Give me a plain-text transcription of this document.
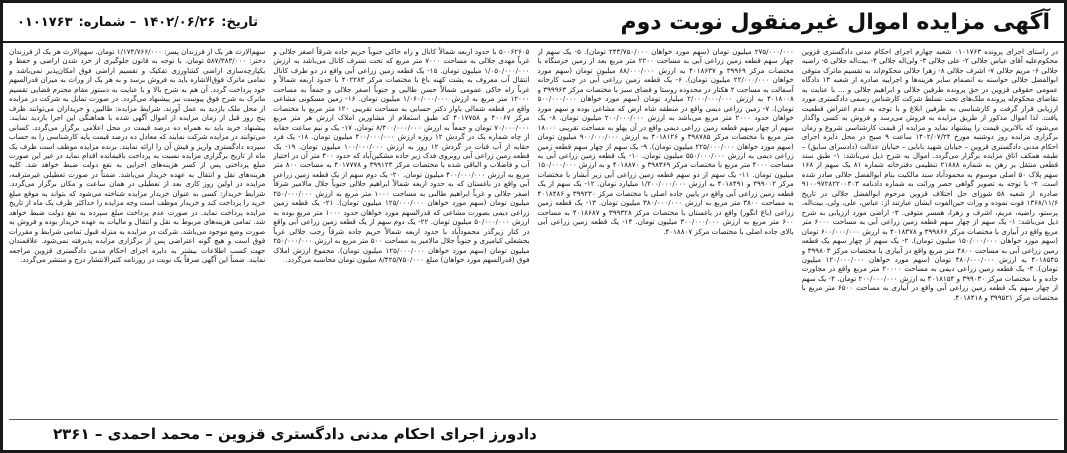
آگهی مزایده اموال غیرمنقول نوبت دوم
تاریخ:
۱۴۰۲/۰۶/۲۶
– شماره:
۰۱۰۱۷۶۳

در راستای اجرای پرونده ۰۱۰۱۷۶۳ شعبه چهارم اجرای احکام مدنی دادگستری قزوین محکوم‌علیه آقای عباس جلالی ۲- علی جلالی ۳- ولی‌اله جلالی ۴- بیت‌اله جلالی ۵- راضیه جلالی ۶- مریم جلالی ۷- اشرف جلالی ۸- زهرا جلالی محکوم‌اند به تقسیم ماترک متوفی ابوالفضل جلالی خواسته به انضمام سایر هزینه‌ها و اجراییه صادره از شعبه ۱۳ دادگاه عمومی حقوقی قزوین در حق پرونده طرفین جلالی و ابراهیم جلالی و ... با عنایت به تقاضای محکوم‌له پرونده ملک‌های تحت تسلط شرکت کارشناس رسمی دادگستری مورد ارزیابی قرار گرفت و کارشناسی به طرفین ابلاغ و با توجه به عدم اعتراض قطعیت یافت. لذا اموال مذکور از طریق مزایده به فروش می‌رسد و فروش به کسی واگذار می‌شود که بالاترین قیمت را پیشنهاد نماید و مزایده از قیمت کارشناسی شروع و زمان برگزاری مزایده روز دوشنبه مورخ ۱۴۰۲/۰۷/۲۴ ساعت ۹ صبح در محل دایره اجرای احکام مدنی دادگستری قزوین – خیابان شهید بابایی – خیابان عدالت (دادسرای سابق) – طبقه همکف اتاق مزایده برگزار می‌گردد. اموال به شرح ذیل می‌باشد: ۱- طبق سند قطعی منتقل بر رهن به شماره ۲۱۸۸۸ تنظیمی دفترخانه شماره ۸۱ یک سهم از ۱۶۸ سهم پلاک ۵۰ اصلی موسوم به محمودآباد سند مالکیت بنام ابوالفضل جلالی صادر شده است. ۲- با توجه به تصویر گواهی حصر وراثت به شماره دادنامه ۹۱۰۰۹۷۲۸۲۲۰۰۳۰۳ صادره از شعبه ۵۸ شورای حل اختلاف قزوین مرحوم ابوالفضل جلالی در تاریخ ۱۳۶۸/۱۱/۶ فوت نموده و وراث حین‌الفوت ایشان عبارتند از: عباس، علی، ولی، بیت‌اله، پرستو، راضیه، مریم، اشرف و زهرا، همسر متوفی. ۳- اراضی مورد ارزیابی به شرح ذیل می‌باشد: ۱- یک سهم از چهار سهم قطعه زمین زراعی آبی به مساحت ۶۰۰۰ متر مربع واقع در آبیاری با مختصات مرکز ۳۹۹۸۶۶ و ۴۰۱۸۳۷۸ به ارزش ۶۰۰/۰۰۰/۰۰۰ تومان (سهم مورد خواهان ۱۵۰/۰۰۰/۰۰۰ میلیون تومان). ۲- یک سهم از چهار سهم یک قطعه زمین زراعی آبی به مساحت ۴۸۰۰ متر مربع واقع در آبیاری با مختصات مرکز ۳۹۹۸۰۳ و ۴۰۱۸۵۴۵ به ارزش ۴۸۰/۰۰۰/۰۰۰ تومان (سهم مورد خواهان ۱۲۰/۰۰۰/۰۰۰ میلیون تومان). ۳- یک قطعه زمین زراعی دیمی به مساحت ۲۰۰۰۰ متر مربع واقع در مجاورت جاده و با مختصات مرکز ۳۹۹۰۳۰ و ۴۰۱۸۱۵۴ به ارزش ۲۰۰/۰۰۰/۰۰۰ تومان. ۴- یک سهم از چهار سهم یک قطعه زمین زراعی آبی واقع در آبیاری به مساحت ۶۵۰۰ متر مربع با مختصات مرکز ۳۹۹۵۲۱ و ۴۰۱۸۴۱۸.

۲۷۵/۰۰۰/۰۰۰ میلیون تومان (سهم مورد خواهان ۲۴۳/۷۵۰/۰۰۰ تومان). ۵- یک سهم از چهار سهم قطعه زمین زراعی آبی به مساحت ۲۲۰۰ متر مربع بعد از زمین خرمنگاه با مختصات مرکز ۳۹۹۶۹ و ۴۰۱۸۶۳۷ به ارزش ۸۸/۰۰۰/۰۰۰ میلیون تومان (سهم مورد خواهان ۲۲/۰۰۰/۰۰۰ میلیون تومان). ۶- یک قطعه زمین زراعی آبی در جنب کارخانه آسفالت به مساحت ۲ هکتار در محدوده روستا و فضای سبز با مختصات مرکز ۳۹۹۹۶۳ و ۴۰۱۸۰۰۸ به ارزش ۲/۰۰۰/۰۰۰/۰۰۰ میلیارد تومان (سهم مورد خواهان ۵۰۰/۰۰۰/۰۰۰ تومان). ۷- زمین زراعی دیمی واقع در منطقه شاه ارض که مشاعی بوده و سهم مورد خواهان حدود ۲۰۰۰ متر مربع می‌باشد به ارزش ۲۰۰/۰۰۰/۰۰۰ میلیون تومان. ۸- یک سهم از چهار سهم قطعه زمین زراعی دیمی واقع در آن پهلو به مساحت تقریبی ۱۸۰۰۰ متر مربع با مختصات مرکز ۳۹۸۷۸۵ و ۴۰۱۸۱۲۶ به ارزش ۹۰۰/۰۰۰/۰۰۰ میلیون تومان (سهم مورد خواهان ۲۲۵/۰۰۰/۰۰۰ میلیون تومان). ۹- یک سهم از چهار سهم قطعه زمین زراعی دیمی به ارزش ۵۵۰/۰۰۰/۰۰۰ میلیون تومان. ۱۰- یک قطعه زمین زراعی آبی به مساحت ۴۰۰۰ متر مربع با مختصات مرکز ۳۹۸۳۶۹ و ۴۰۱۸۸۷۰ و به ارزش ۱۵۰/۰۰۰/۰۰۰ میلیون تومان. ۱۱- یک سهم از دو سهم قطعه زمین زراعی آبی زیر آبشار با مختصات مرکز ۳۹۹۰۰۲ و ۴۰۱۸۴۹۱ به ارزش ۱/۲۰۰/۰۰۰/۰۰۰ میلیارد تومان. ۱۲- یک سهم از یک قطعه زمین زراعی آبی واقع در پایین جاده اصلی با مختصات مرکز ۳۹۹۲۳۰ و ۴۰۱۸۴۸۶ به مساحت ۳۸۰۰ متر مربع به ارزش ۳۸۰/۰۰۰/۰۰۰ میلیون تومان. ۱۳- یک قطعه زمین زراعی (باغ انگور) واقع در باغستان با مختصات مرکز ۳۹۹۳۲۸ و ۴۰۱۸۶۸۷ به مساحت ۶۰۰ متر مربع به ارزش ۳۰۰/۰۰۰/۰۰۰ میلیون تومان. ۱۴- یک قطعه زمین زراعی آبی بالای جاده اصلی با مختصات مرکز ۴۰۱۸۸۰۷.

۵۰۰۶۲۶۰۵ با حدود اربعه شمالاً کانال و راه خاکی جنوباً حریم جاده شرقاً اصغر جلالی و غرباً مهدی جلالی به مساحت ۷۰۰۰ متر مربع که تحت تسرف کانال می‌باشد به ارزش ۱/۰۵۰/۰۰۰/۰۰۰ میلیون تومان. ۱۵- یک قطعه زمین زراعی آبی واقع در دو طرف کانال انتقال آب معروف به پشت کهنه باغ با مختصات مرکز ۴۰۲۲۸۳ با حدود اربعه شمالاً و غرباً راه خاکی عمومی شمالاً حسن طالبی و جنوباً اصغر جلالی و جمعاً به مساحت ۱۲۰۰۰ متر مربع به ارزش ۱/۰۶۰/۰۰۰/۰۰۰ میلیون تومان. ۱۶- زمین مسکونی مشاعی واقع در قطعه شمالی باوار دکتر حسابی به مساحت تقریبی ۱۲۰ متر مربع با مختصات مرکز ۴۰۰۶۷ و ۴۰۱۷۷۵۸ که طبق استعلام از مشاورین املاک ارزش هر متر مربع ۷۰/۰۰۰/۰۰۰ تومان و جمعاً به ارزش ۸/۴۰۰/۰۰۰/۰۰۰ تومان. ۱۷- یک و نیم ساعت حقابه از چاه شماره یک در گردش ۱۲ روزه ارزش ۴۰۰/۰۰۰/۰۰۰ میلیون تومان. ۱۸- یک فرد حقابه از آب قنات در گردش ۱۲ روز به ارزش ۱۰۰/۰۰۰/۰۰۰ میلیون تومان. ۱۹- یک قطعه زمین زراعی آبی روبروی فدک زیر جاده مشکین‌آباد که حدود ۴۰۰ متر آن در اختیار آب و فاضلاب و الباقی شده با مختصات مرکز ۳۹۹۱۲۳ و ۴۰۱۷۷۷۸ به مساحت ۸۰۰ متر مربع به ارزش ۴۰۰/۰۰۰/۰۰۰ میلیون تومان. ۲۰- یک دوم سهم از یک قطعه زمین زراعی آبی واقع در باغستان که به حدود اربعه شمالاً ابراهیم جلالی جنوباً جلال مالامیر شرقاً اصغر جلالی و غرباً ابراهیم طالبی به مساحت ۱۰۰۰ متر مربع به ارزش ۲۵۰/۰۰۰/۰۰۰ میلیون تومان (سهم مورد خواهان ۱۲۵/۰۰۰/۰۰۰ میلیون تومان). ۲۱- یک قطعه زمین زراعی دیمی بصورت مشاعی که قدرالسهم مورد خواهان حدود ۱۰۰۰ متر مربع بوده به ارزش ۵۰/۰۰۰/۰۰۰ میلیون تومان. ۲۲- یک دوم سهم از یک قطعه زمین زراعی آبی واقع در کنار زیرگذر محمودآباد با حدود اربعه شمالاً حریم جاده شرقاً رجب جلالی غرباً بخشعلی کیامیری و جنوباً جلال مالامیر به مساحت ۵۰۰ متر مربع به ارزش ۲۵۰/۰۰۰/۰۰۰ میلیون تومان (سهم مورد خواهان ۱۲۵/۰۰۰/۰۰۰ میلیون تومان). مجموع ارزش املاک فوق (قدرالسهم مورد خواهان) مبلغ ۸/۴۲۵/۷۵۰/۰۰۰ میلیون تومان محاسبه می‌گردد.

سهم‌الارث هر یک از فرزندان پسر: ۱/۱۷۴/۷۶۶/۰۰۰ تومان. سهم‌الارث هر یک از فرزندان دختر: ۵۸۷/۳۸۳/۰۰۰ تومان. با توجه به قانون جلوگیری از خرد شدن اراضی و حفظ و یکپارچه‌سازی اراضی کشاورزی تفکیک و تقسیم اراضی فوق امکان‌پذیر نمی‌باشد و تمامی ماترک فوق‌الاشاره باید به فروش برسد و به هر یک از وراث به میزان قدرالسهم خود پرداخت گردد. آن هم به شرح بالا و با عنایت به دستور مقام محترم قضایی تقسیم ماترک به شرح فوق پیوست نیز پیشنهاد می‌گردد. در صورت تمایل به شرکت در مزایده از محل ملک بازدید به عمل آورند. شرایط مزایده: طالبین و خریداران می‌توانند ظرف پنج روز قبل از زمان مزایده از اموال آگهی شده با هماهنگی این اجرا بازدید نمایند. پیشنهاد خرید باید به همراه ده درصد قیمت در محل اعلامی برگزار می‌گردد. کسانی می‌توانند در مزایده شرکت نمایند که معادل ده درصد قیمت پایه کارشناسی را به حساب سپرده دادگستری واریز و فیش آن را ارائه نمایند. برنده مزایده موظف است ظرف یک ماه از تاریخ برگزاری مزایده نسبت به پرداخت باقیمانده اقدام نماید در غیر این صورت مبلغ پرداختی پس از کسر هزینه‌های اجرایی به نفع دولت ضبط خواهد شد. کلیه هزینه‌های نقل و انتقال به عهده خریدار می‌باشد. ضمناً در صورت تعطیلی غیرمترقبه، مزایده در اولین روز کاری بعد از تعطیلی در همان ساعت و مکان برگزار می‌گردد. شرایط خریدار: کسی به عنوان خریدار مزایده شناخته می‌شود که بتواند به موقع مبلغ خرید را پرداخت کند و خریدار موظف است وجه مزایده را حداکثر ظرف یک ماه از تاریخ مزایده پرداخت نماید. در صورت عدم پرداخت مبلغ سپرده به نفع دولت ضبط خواهد شد. تمامی هزینه‌های مربوط به نقل و انتقال و مالیات به عهده خریدار بوده و فروش به صورت وضع موجود می‌باشد. شرکت در مزایده به منزله قبول تمامی شرایط و مقررات فوق است و هیچ گونه اعتراضی پس از برگزاری مزایده پذیرفته نمی‌شود. علاقمندان جهت کسب اطلاعات بیشتر به دایره اجرای احکام مدنی دادگستری قزوین مراجعه نمایند. ضمناً این آگهی صرفاً یک نوبت در روزنامه کثیرالانتشار درج و منتشر می‌گردد.

دادورز اجرای احکام مدنی دادگستری قزوین – محمد احمدی – ۲۳۶۱
